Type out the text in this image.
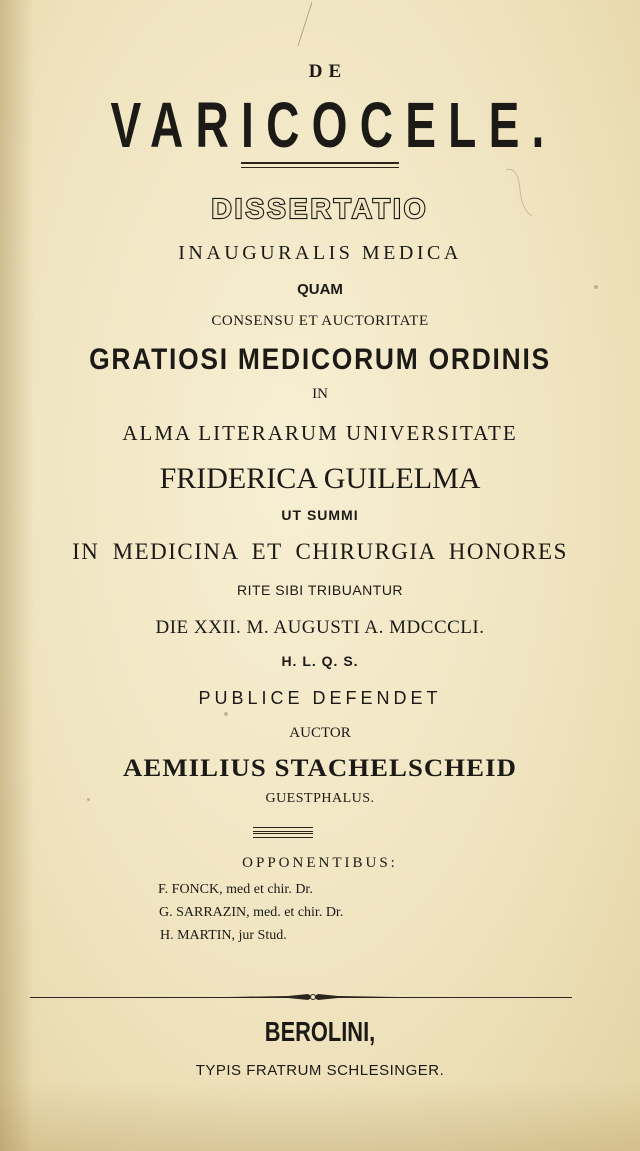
DE
VARICOCELE.
DISSERTATIO
INAUGURALIS MEDICA
QUAM
CONSENSU ET AUCTORITATE
GRATIOSI MEDICORUM ORDINIS
IN
ALMA LITERARUM UNIVERSITATE
FRIDERICA GUILELMA
UT SUMMI
IN MEDICINA ET CHIRURGIA HONORES
RITE SIBI TRIBUANTUR
DIE XXII. M. AUGUSTI A. MDCCCLI.
H. L. Q. S.
PUBLICE DEFENDET
AUCTOR
AEMILIUS STACHELSCHEID
GUESTPHALUS.
OPPONENTIBUS:
F. FONCK, med et chir. Dr.
G. SARRAZIN, med. et chir. Dr.
H. MARTIN, jur Stud.
BEROLINI,
TYPIS FRATRUM SCHLESINGER.
